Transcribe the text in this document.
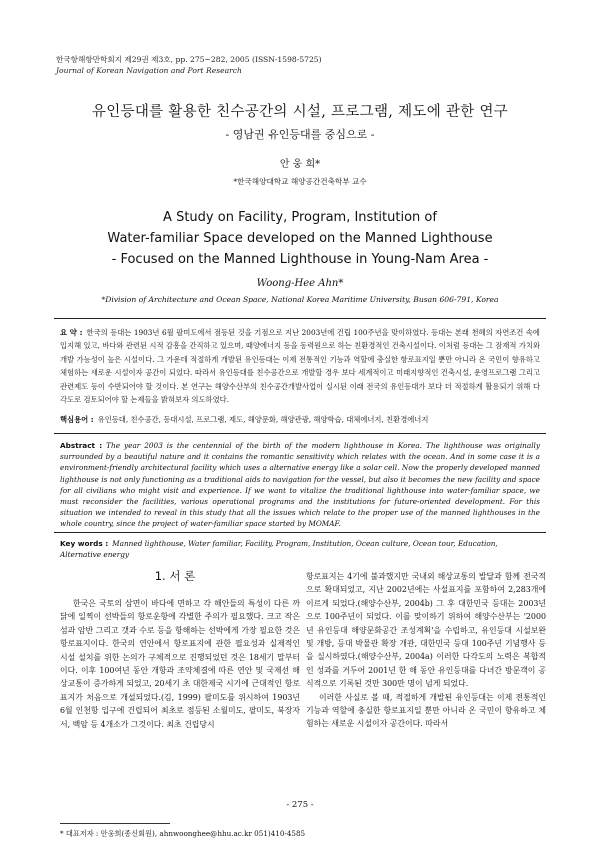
한국항해항만학회지 제29권 제3호, pp. 275~282, 2005 (ISSN-1598-5725)
Journal of Korean Navigation and Port Research
유인등대를 활용한 친수공간의 시설, 프로그램, 제도에 관한 연구
- 영남권 유인등대를 중심으로 -
안 웅 희*
*한국해양대학교 해양공간건축학부 교수
A Study on Facility, Program, Institution of
Water-familiar Space developed on the Manned Lighthouse
- Focused on the Manned Lighthouse in Young-Nam Area -
Woong-Hee Ahn*
*Division of Architecture and Ocean Space, National Korea Maritime University, Busan 606-791, Korea
요 약 : 한국의 등대는 1903년 6월 팔미도에서 점등된 것을 기점으로 지난 2003년에 건립 100주년을 맞이하였다. 등대는 본래 천혜의 자연조건 속에 입지해 있고, 바다와 관련된 시적 감흥을 간직하고 있으며, 때양에너지 등을 동력원으로 하는 친환경적인 건축시설이다. 이처럼 등대는 그 잠재적 가치와 개발 가능성이 높은 시설이다. 그 가운데 적절하게 개발된 유인등대는 이제 전통적인 기능과 역할에 충실한 항로표지일 뿐만 아니라 온 국민이 향유하고 체험하는 새로운 시설이자 공간이 되었다. 따라서 유인등대를 친수공간으로 개발할 경우 보다 세계적이고 미래지향적인 건축시설, 운영프로그램 그리고 관련제도 등이 수반되어야 할 것이다. 본 연구는 해양수산부의 친수공간개발사업이 실시된 이래 전국의 유인등대가 보다 더 적절하게 활용되기 위해 다각도로 검토되어야 할 논제들을 밝혀보자 의도하였다.
핵심용어 : 유인등대, 친수공간, 등대시설, 프로그램, 제도, 해양문화, 해양관광, 해양학습, 대체에너지, 친환경에너지
Abstract : The year 2003 is the centennial of the birth of the modern lighthouse in Korea. The lighthouse was originally surrounded by a beautiful nature and it contains the romantic sensitivity which relates with the ocean. And in some case it is a environment-friendly architectural facility which uses a alternative energy like a solar cell. Now the properly developed manned lighthouse is not only functioning as a traditional aids to navigation for the vessel, but also it becomes the new facility and space for all civilians who might visit and experience. If we want to vitalize the traditional lighthouse into water-familiar space, we must reconsider the facilities, various operational programs and the institutions for future-oriented development. For this situation we intended to reveal in this study that all the issues which relate to the proper use of the manned lighthouses in the whole country, since the project of water-familiar space started by MOMAF.
Key words : Manned lighthouse, Water familiar, Facility, Program, Institution, Ocean culture, Ocean tour, Education, Alternative energy
1. 서 론

한국은 국토의 삼면이 바다에 면하고 각 해안들의 특성이 다른 까닭에 일찍이 선박들의 항로운항에 각별한 주의가 필요했다. 크고 작은 섬과 암반 그리고 갯과 수로 등을 항해하는 선박에게 가장 필요한 것은 항로표지이다. 한국의 연안에서 항로표지에 관한 필요성과 실제적인 시설 설치를 위한 논의가 구체적으로 진행되었던 것은 18세기 말부터이다. 이후 100여년 동안 개항과 조약체결에 따른 연안 및 국제선 해상교통이 증가하게 되었고, 20세기 초 대한제국 시기에 근대적인 항로표지가 처음으로 개설되었다.(김, 1999) 팔미도를 위시하여 1903년 6월 인천항 입구에 건립되어 최초로 점등된 소월미도, 팔미도, 북장자서, 백암 등 4개소가 그것이다. 최초 건립당시

항로표지는 4기에 불과했지만 국내외 해상교통의 발달과 함께 전국적으로 확대되었고, 지난 2002년에는 사설표지를 포함하여 2,283개에 이르게 되었다.(해양수산부, 2004b) 그 후 대한민국 등대는 2003년으로 100주년이 되었다. 이를 맞이하기 위하여 해양수산부는 '2000년 유인등대 해양문화공간 조성계획'을 수립하고, 유인등대 시설보완 및 개방, 등대 박물관 확장 개관, 대한민국 등대 100주년 기념행사 등을 실시하였다.(해양수산부, 2004a) 이러한 다각도의 노력은 복합적인 성과를 거두어 2001년 한 해 동안 유인등대를 다녀간 방문객이 공식적으로 기록된 것만 300만 명이 넘게 되었다.

이러한 사실로 볼 때, 적절하게 개발된 유인등대는 이제 전통적인 기능과 역할에 충실한 항로표지일 뿐만 아니라 온 국민이 향유하고 체험하는 새로운 시설이자 공간이다. 따라서

* 대표저자 : 안웅희(종신회원), ahnwoonghee@hhu.ac.kr 051)410-4585
- 275 -
